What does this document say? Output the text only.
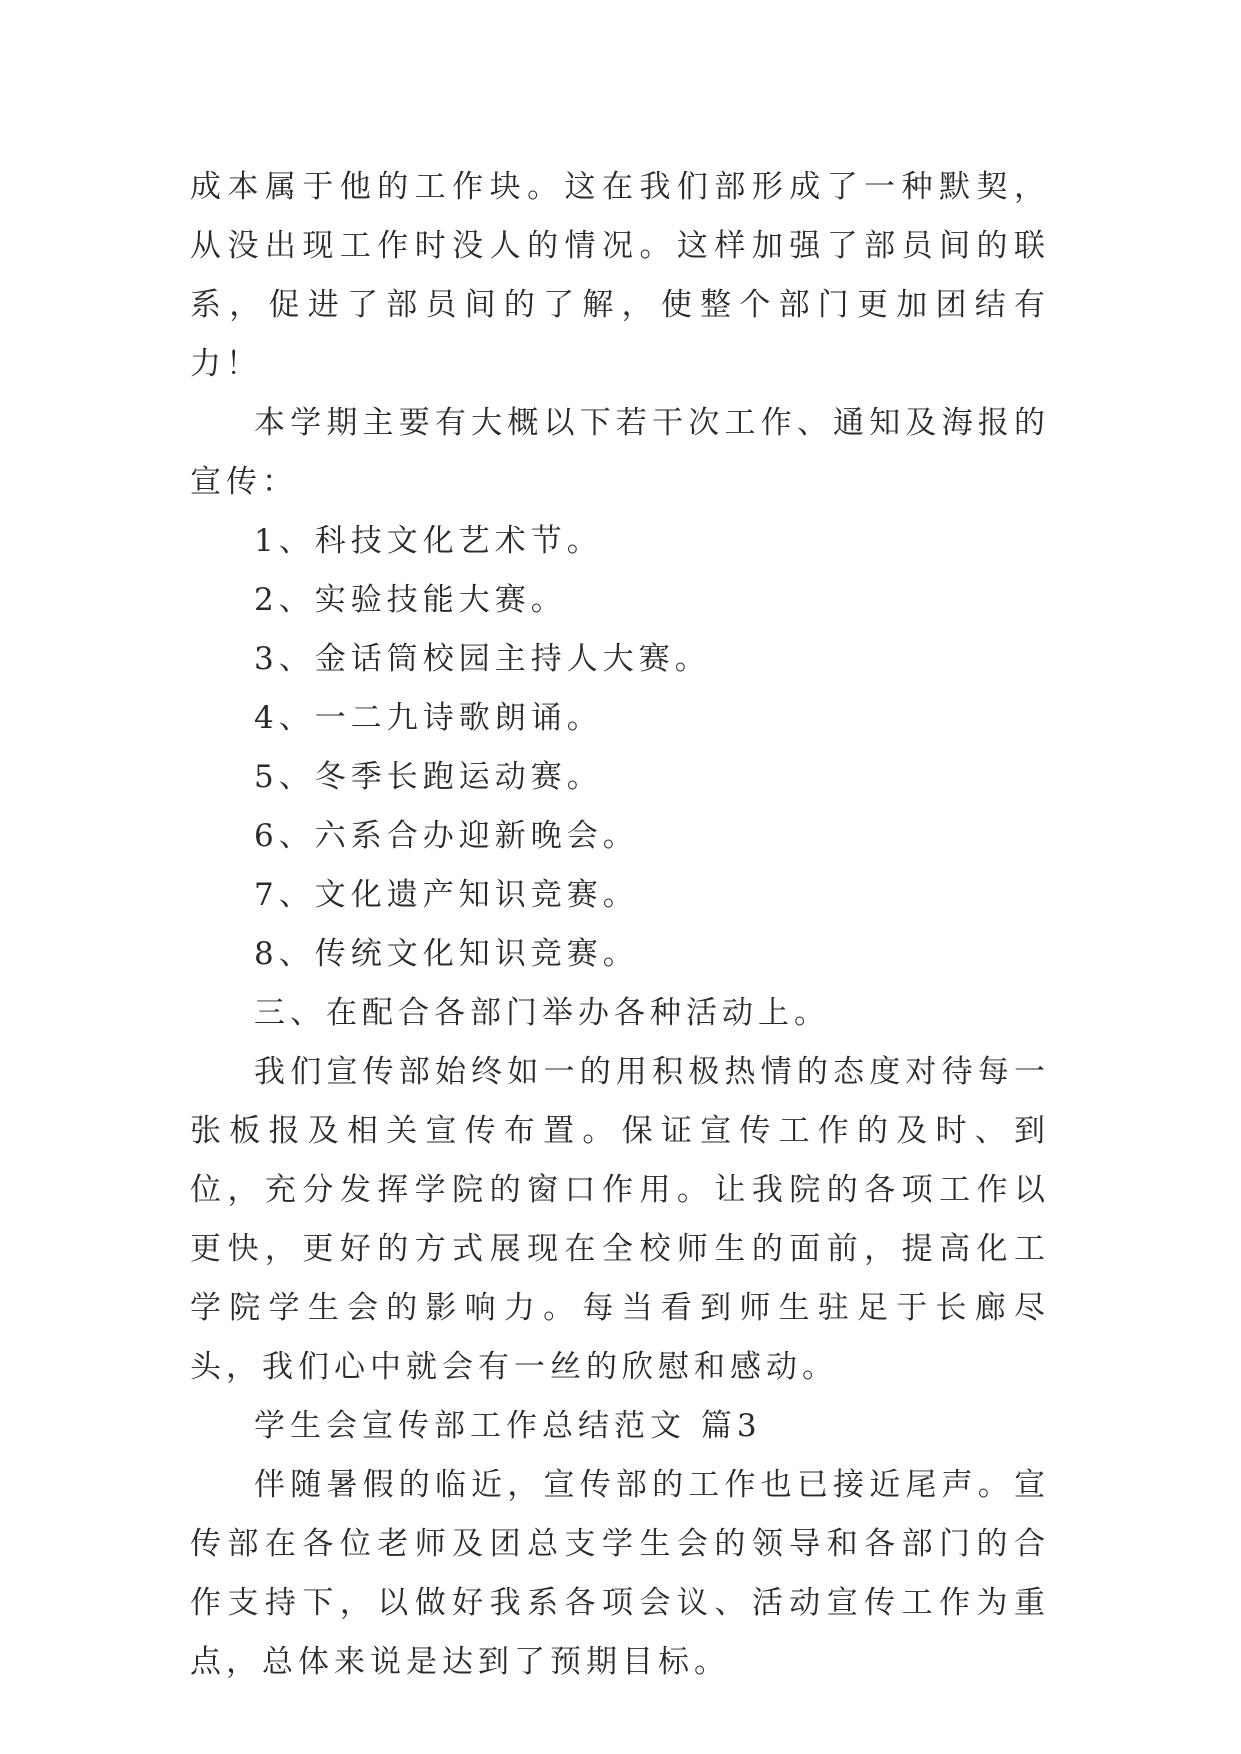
成本属于他的工作块。这在我们部形成了一种默契，从没出现工作时没人的情况。这样加强了部员间的联系，促进了部员间的了解，使整个部门更加团结有力！

本学期主要有大概以下若干次工作、通知及海报的宣传：

1、科技文化艺术节。

2、实验技能大赛。

3、金话筒校园主持人大赛。

4、一二九诗歌朗诵。

5、冬季长跑运动赛。

6、六系合办迎新晚会。

7、文化遗产知识竞赛。

8、传统文化知识竞赛。

三、在配合各部门举办各种活动上。

我们宣传部始终如一的用积极热情的态度对待每一张板报及相关宣传布置。保证宣传工作的及时、到位，充分发挥学院的窗口作用。让我院的各项工作以更快，更好的方式展现在全校师生的面前，提高化工学院学生会的影响力。每当看到师生驻足于长廊尽头，我们心中就会有一丝的欣慰和感动。

学生会宣传部工作总结范文 篇3

伴随暑假的临近，宣传部的工作也已接近尾声。宣传部在各位老师及团总支学生会的领导和各部门的合作支持下，以做好我系各项会议、活动宣传工作为重点，总体来说是达到了预期目标。
